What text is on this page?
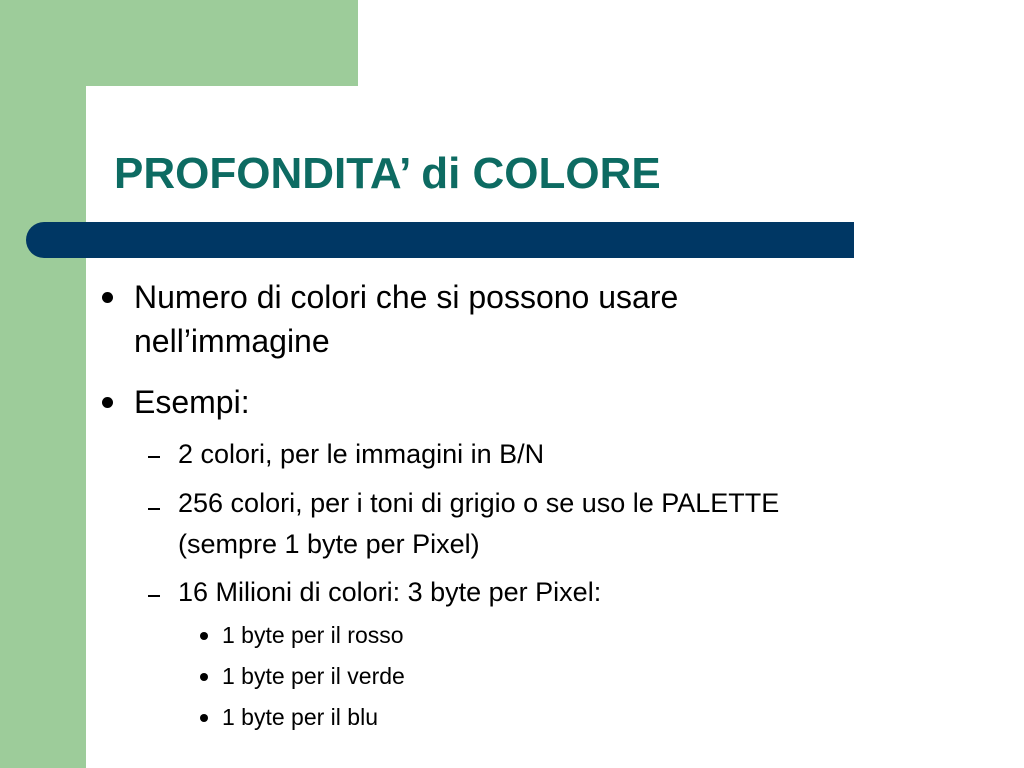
PROFONDITA’ di COLORE
Numero di colori che si possono usare
nell’immagine
Esempi:
2 colori, per le immagini in B/N
256 colori, per i toni di grigio o se uso le PALETTE
(sempre 1 byte per Pixel)
16 Milioni di colori: 3 byte per Pixel:
1 byte per il rosso
1 byte per il verde
1 byte per il blu
